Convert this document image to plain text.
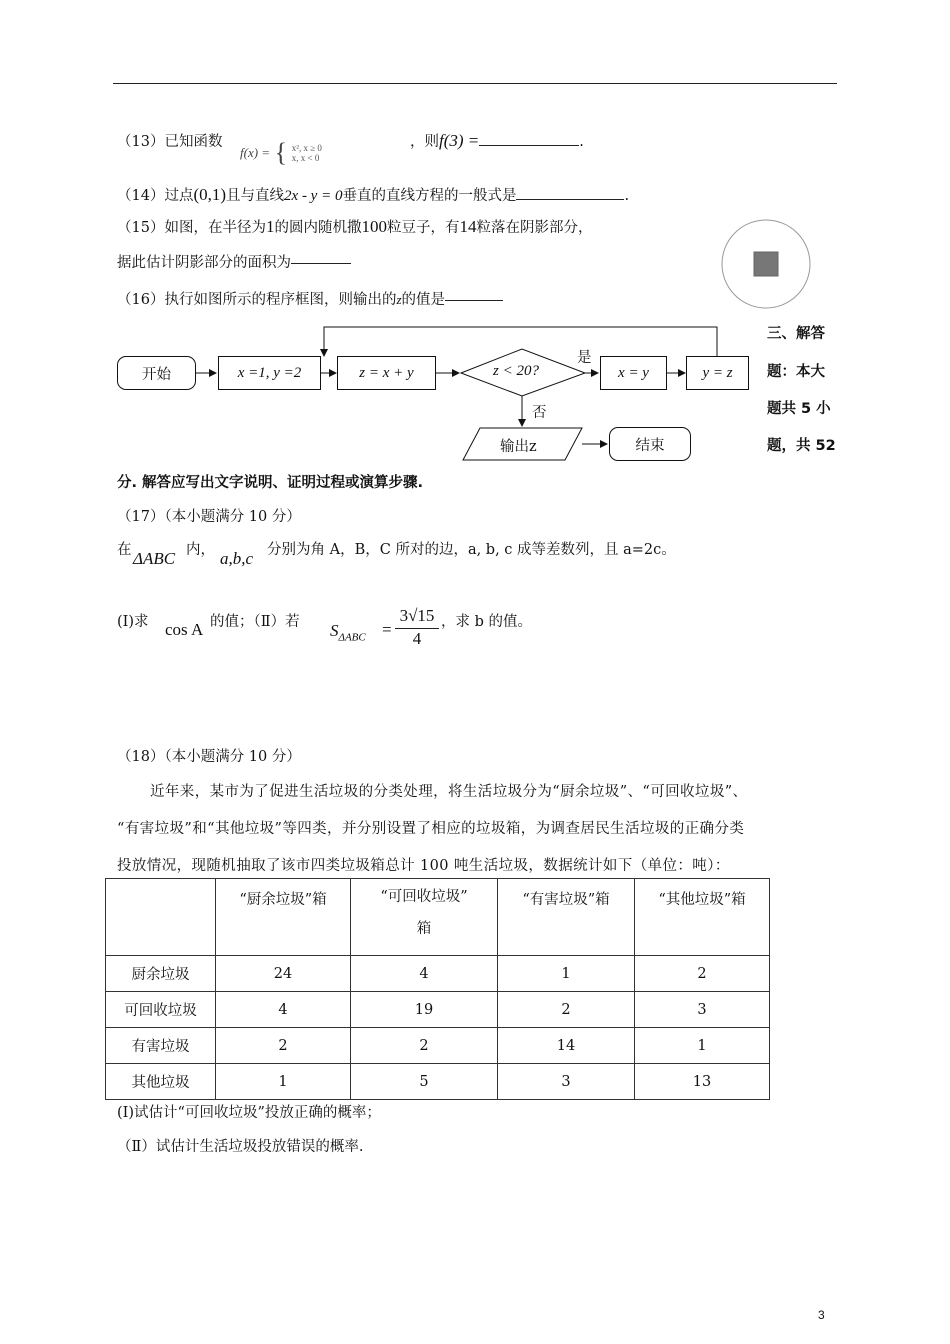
（13）已知函数
f(x) = { x², x ≥ 0
x, x < 0
，则f(3) =	.
（14）过点(0,1)且与直线2x - y = 0垂直的直线方程的一般式是	.
（15）如图，在半径为1的圆内随机撒100粒豆子，有14粒落在阴影部分，
据此估计阴影部分的面积为
（16）执行如图所示的程序框图，则输出的z的值是
开始	x =1, y =2	z = x + y	z < 20?
是
否
x = y	y = z
输出z	结束
三、解答
题：本大
题共 5 小
题，共 52
分. 解答应写出文字说明、证明过程或演算步骤.
（17）（本小题满分 10 分）
在 ΔABC 内， a,b,c 分别为角 A，B，C 所对的边，a, b, c 成等差数列，且 a=2c。
(Ⅰ)求 cos A 的值；（Ⅱ）若 $S_{\Delta ABC} = \frac{3√15}{4}$ ，求 b 的值。
（18）（本小题满分 10 分）
近年来，某市为了促进生活垃圾的分类处理，将生活垃圾分为“厨余垃圾”、“可回收垃圾”、
“有害垃圾”和“其他垃圾”等四类，并分别设置了相应的垃圾箱，为调查居民生活垃圾的正确分类
投放情况，现随机抽取了该市四类垃圾箱总计 100 吨生活垃圾，数据统计如下（单位：吨）：
	“厨余垃圾”箱	“可回收垃圾”
箱	“有害垃圾”箱	“其他垃圾”箱
厨余垃圾	24	4	1	2
可回收垃圾	4	19	2	3
有害垃圾	2	2	14	1
其他垃圾	1	5	3	13
(Ⅰ)试估计“可回收垃圾”投放正确的概率；
（Ⅱ）试估计生活垃圾投放错误的概率.
3
